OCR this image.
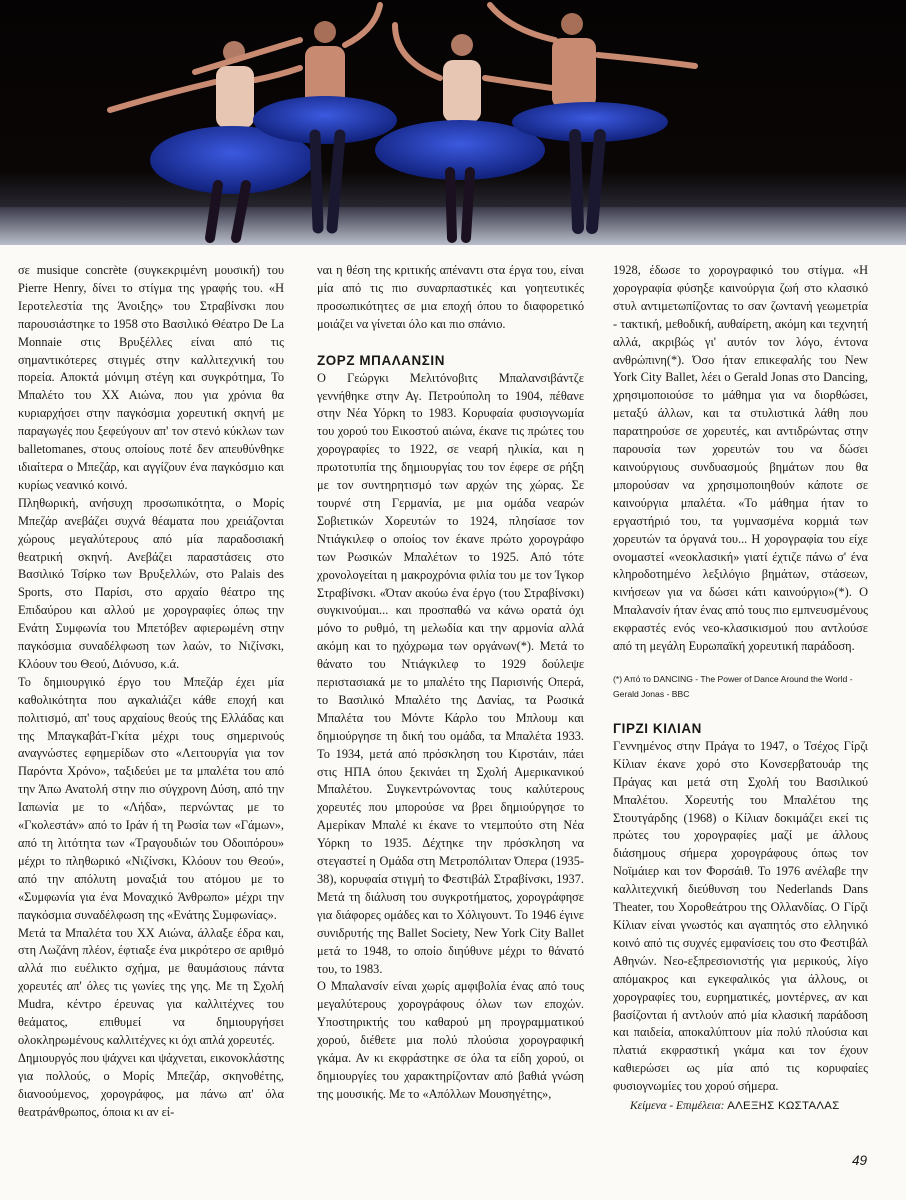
σε musique concrète (συγκεκριμένη μουσική) του Pierre Henry, δίνει το στίγμα της γραφής του. «Η Ιεροτελεστία της Άνοιξης» του Στραβίνσκι που παρουσιάστηκε το 1958 στο Βασιλικό Θέατρο De La Monnaie στις Βρυξέλλες είναι από τις σημαντικότερες στιγμές στην καλλιτεχνική του πορεία. Αποκτά μόνιμη στέγη και συγκρότημα, Το Μπαλέτο του ΧΧ Αιώνα, που για χρόνια θα κυριαρχήσει στην παγκόσμια χορευτική σκηνή με παραγωγές που ξεφεύγουν απ' τον στενό κύκλων των balletomanes, στους οποίους ποτέ δεν απευθύνθηκε ιδιαίτερα ο Μπεζάρ, και αγγίζουν ένα παγκόσμιο και κυρίως νεανικό κοινό.

Πληθωρική, ανήσυχη προσωπικότητα, ο Μορίς Μπεζάρ ανεβάζει συχνά θέαματα που χρειάζονται χώρους μεγαλύτερους από μία παραδοσιακή θεατρική σκηνή. Ανεβάζει παραστάσεις στο Βασιλικό Τσίρκο των Βρυξελλών, στο Palais des Sports, στο Παρίσι, στο αρχαίο θέατρο της Επιδαύρου και αλλού με χορογραφίες όπως την Ενάτη Συμφωνία του Μπετόβεν αφιερωμένη στην παγκόσμια συναδέλφωση των λαών, το Νιζίνσκι, Κλόουν του Θεού, Διόνυσο, κ.ά.

Το δημιουργικό έργο του Μπεζάρ έχει μία καθολικότητα που αγκαλιάζει κάθε εποχή και πολιτισμό, απ' τους αρχαίους θεούς της Ελλάδας και της Μπαγκαβάτ-Γκίτα μέχρι τους σημερινούς αναγνώστες εφημερίδων στο «Λειτουργία για τον Παρόντα Χρόνο», ταξιδεύει με τα μπαλέτα του από την Άπω Ανατολή στην πιο σύγχρονη Δύση, από την Ιαπωνία με το «Λήδα», περνώντας με το «Γκολεστάν» από το Ιράν ή τη Ρωσία των «Γάμων», από τη λιτότητα των «Τραγουδιών του Οδοιπόρου» μέχρι το πληθωρικό «Νιζίνσκι, Κλόουν του Θεού», από την απόλυτη μοναξιά του ατόμου με το «Συμφωνία για ένα Μοναχικό Άνθρωπο» μέχρι την παγκόσμια συναδέλφωση της «Ενάτης Συμφωνίας».

Μετά τα Μπαλέτα του ΧΧ Αιώνα, άλλαξε έδρα και, στη Λωζάνη πλέον, έφτιαξε ένα μικρότερο σε αριθμό αλλά πιο ευέλικτο σχήμα, με θαυμάσιους πάντα χορευτές απ' όλες τις γωνίες της γης. Με τη Σχολή Mudra, κέντρο έρευνας για καλλιτέχνες του θεάματος, επιθυμεί να δημιουργήσει ολοκληρωμένους καλλιτέχνες κι όχι απλά χορευτές.

Δημιουργός που ψάχνει και ψάχνεται, εικονοκλάστης για πολλούς, ο Μορίς Μπεζάρ, σκηνοθέτης, διανοούμενος, χορογράφος, μα πάνω απ' όλα θεατράνθρωπος, όποια κι αν εί-

ναι η θέση της κριτικής απέναντι στα έργα του, είναι μία από τις πιο συναρπαστικές και γοητευτικές προσωπικότητες σε μια εποχή όπου το διαφορετικό μοιάζει να γίνεται όλο και πιο σπάνιο.

ΖΟΡΖ ΜΠΑΛΑΝΣΙΝ

Ο Γεώργκι Μελιτόνοβιτς Μπαλανσιβάντζε γεννήθηκε στην Αγ. Πετρούπολη το 1904, πέθανε στην Νέα Υόρκη το 1983. Κορυφαία φυσιογνωμία του χορού του Εικοστού αιώνα, έκανε τις πρώτες του χορογραφίες το 1922, σε νεαρή ηλικία, και η πρωτοτυπία της δημιουργίας του τον έφερε σε ρήξη με τον συντηρητισμό των αρχών της χώρας. Σε τουρνέ στη Γερμανία, με μια ομάδα νεαρών Σοβιετικών Χορευτών το 1924, πλησίασε τον Ντιάγκιλεφ ο οποίος τον έκανε πρώτο χορογράφο των Ρωσικών Μπαλέτων το 1925. Από τότε χρονολογείται η μακροχρόνια φιλία του με τον Ίγκορ Στραβίνσκι. «Όταν ακούω ένα έργο (του Στραβίνσκι) συγκινούμαι... και προσπαθώ να κάνω ορατά όχι μόνο το ρυθμό, τη μελωδία και την αρμονία αλλά ακόμη και το ηχόχρωμα των οργάνων(*). Μετά το θάνατο του Ντιάγκιλεφ το 1929 δούλεψε περιστασιακά με το μπαλέτο της Παρισινής Οπερά, το Βασιλικό Μπαλέτο της Δανίας, τα Ρωσικά Μπαλέτα του Μόντε Κάρλο του Μπλουμ και δημιούργησε τη δική του ομάδα, τα Μπαλέτα 1933. Το 1934, μετά από πρόσκληση του Κιρστάιν, πάει στις ΗΠΑ όπου ξεκινάει τη Σχολή Αμερικανικού Μπαλέτου. Συγκεντρώνοντας τους καλύτερους χορευτές που μπορούσε να βρει δημιούργησε το Αμερίκαν Μπαλέ κι έκανε το ντεμπούτο στη Νέα Υόρκη το 1935. Δέχτηκε την πρόσκληση να στεγαστεί η Ομάδα στη Μετροπόλιταν Όπερα (1935-38), κορυφαία στιγμή το Φεστιβάλ Στραβίνσκι, 1937. Μετά τη διάλυση του συγκροτήματος, χορογράφησε για διάφορες ομάδες και το Χόλιγουντ. Το 1946 έγινε συνιδρυτής της Ballet Society, New York City Ballet μετά το 1948, το οποίο διηύθυνε μέχρι το θάνατό του, το 1983.

Ο Μπαλανσίν είναι χωρίς αμφιβολία ένας από τους μεγαλύτερους χορογράφους όλων των εποχών. Υποστηρικτής του καθαρού μη προγραμματικού χορού, διέθετε μια πολύ πλούσια χορογραφική γκάμα. Αν κι εκφράστηκε σε όλα τα είδη χορού, οι δημιουργίες του χαρακτηρίζονταν από βαθιά γνώση της μουσικής. Με το «Απόλλων Μουσηγέτης»,

1928, έδωσε το χορογραφικό του στίγμα. «Η χορογραφία φύσηξε καινούργια ζωή στο κλασικό στυλ αντιμετωπίζοντας το σαν ζωντανή γεωμετρία - τακτική, μεθοδική, αυθαίρετη, ακόμη και τεχνητή αλλά, ακριβώς γι' αυτόν τον λόγο, έντονα ανθρώπινη(*). Όσο ήταν επικεφαλής του New York City Ballet, λέει ο Gerald Jonas στο Dancing, χρησιμοποιούσε το μάθημα για να διορθώσει, μεταξύ άλλων, και τα στυλιστικά λάθη που παρατηρούσε σε χορευτές, και αντιδρώντας στην παρουσία των χορευτών του να δώσει καινούργιους συνδυασμούς βημάτων που θα μπορούσαν να χρησιμοποιηθούν κάποτε σε καινούργια μπαλέτα. «Το μάθημα ήταν το εργαστήριό του, τα γυμνασμένα κορμιά των χορευτών τα όργανά του... Η χορογραφία του είχε ονομαστεί «νεοκλασική» γιατί έχτιζε πάνω σ' ένα κληροδοτημένο λεξιλόγιο βημάτων, στάσεων, κινήσεων για να δώσει κάτι καινούργιο»(*). Ο Μπαλανσίν ήταν ένας από τους πιο εμπνευσμένους εκφραστές ενός νεο-κλασικισμού που αντλούσε από τη μεγάλη Ευρωπαϊκή χορευτική παράδοση.

(*) Από το DANCING - The Power of Dance Around the World - Gerald Jonas - BBC
ΓΙΡΖΙ ΚΙΛΙΑΝ

Γεννημένος στην Πράγα το 1947, ο Τσέχος Γίρζι Κίλιαν έκανε χορό στο Κονσερβατουάρ της Πράγας και μετά στη Σχολή του Βασιλικού Μπαλέτου. Χορευτής του Μπαλέτου της Στουτγάρδης (1968) ο Κίλιαν δοκιμάζει εκεί τις πρώτες του χορογραφίες μαζί με άλλους διάσημους σήμερα χορογράφους όπως τον Νοϊμάιερ και τον Φορσάιθ. Το 1976 ανέλαβε την καλλιτεχνική διεύθυνση του Nederlands Dans Theater, του Χοροθεάτρου της Ολλανδίας. Ο Γίρζι Κίλιαν είναι γνωστός και αγαπητός στο ελληνικό κοινό από τις συχνές εμφανίσεις του στο Φεστιβάλ Αθηνών. Νεο-εξπρεσιονιστής για μερικούς, λίγο απόμακρος και εγκεφαλικός για άλλους, οι χορογραφίες του, ευρηματικές, μοντέρνες, αν και βασίζονται ή αντλούν από μία κλασική παράδοση και παιδεία, αποκαλύπτουν μία πολύ πλούσια και πλατιά εκφραστική γκάμα και τον έχουν καθιερώσει ως μία από τις κορυφαίες φυσιογνωμίες του χορού σήμερα.

Κείμενα - Επιμέλεια: ΑΛΕΞΗΣ ΚΩΣΤΑΛΑΣ
49
